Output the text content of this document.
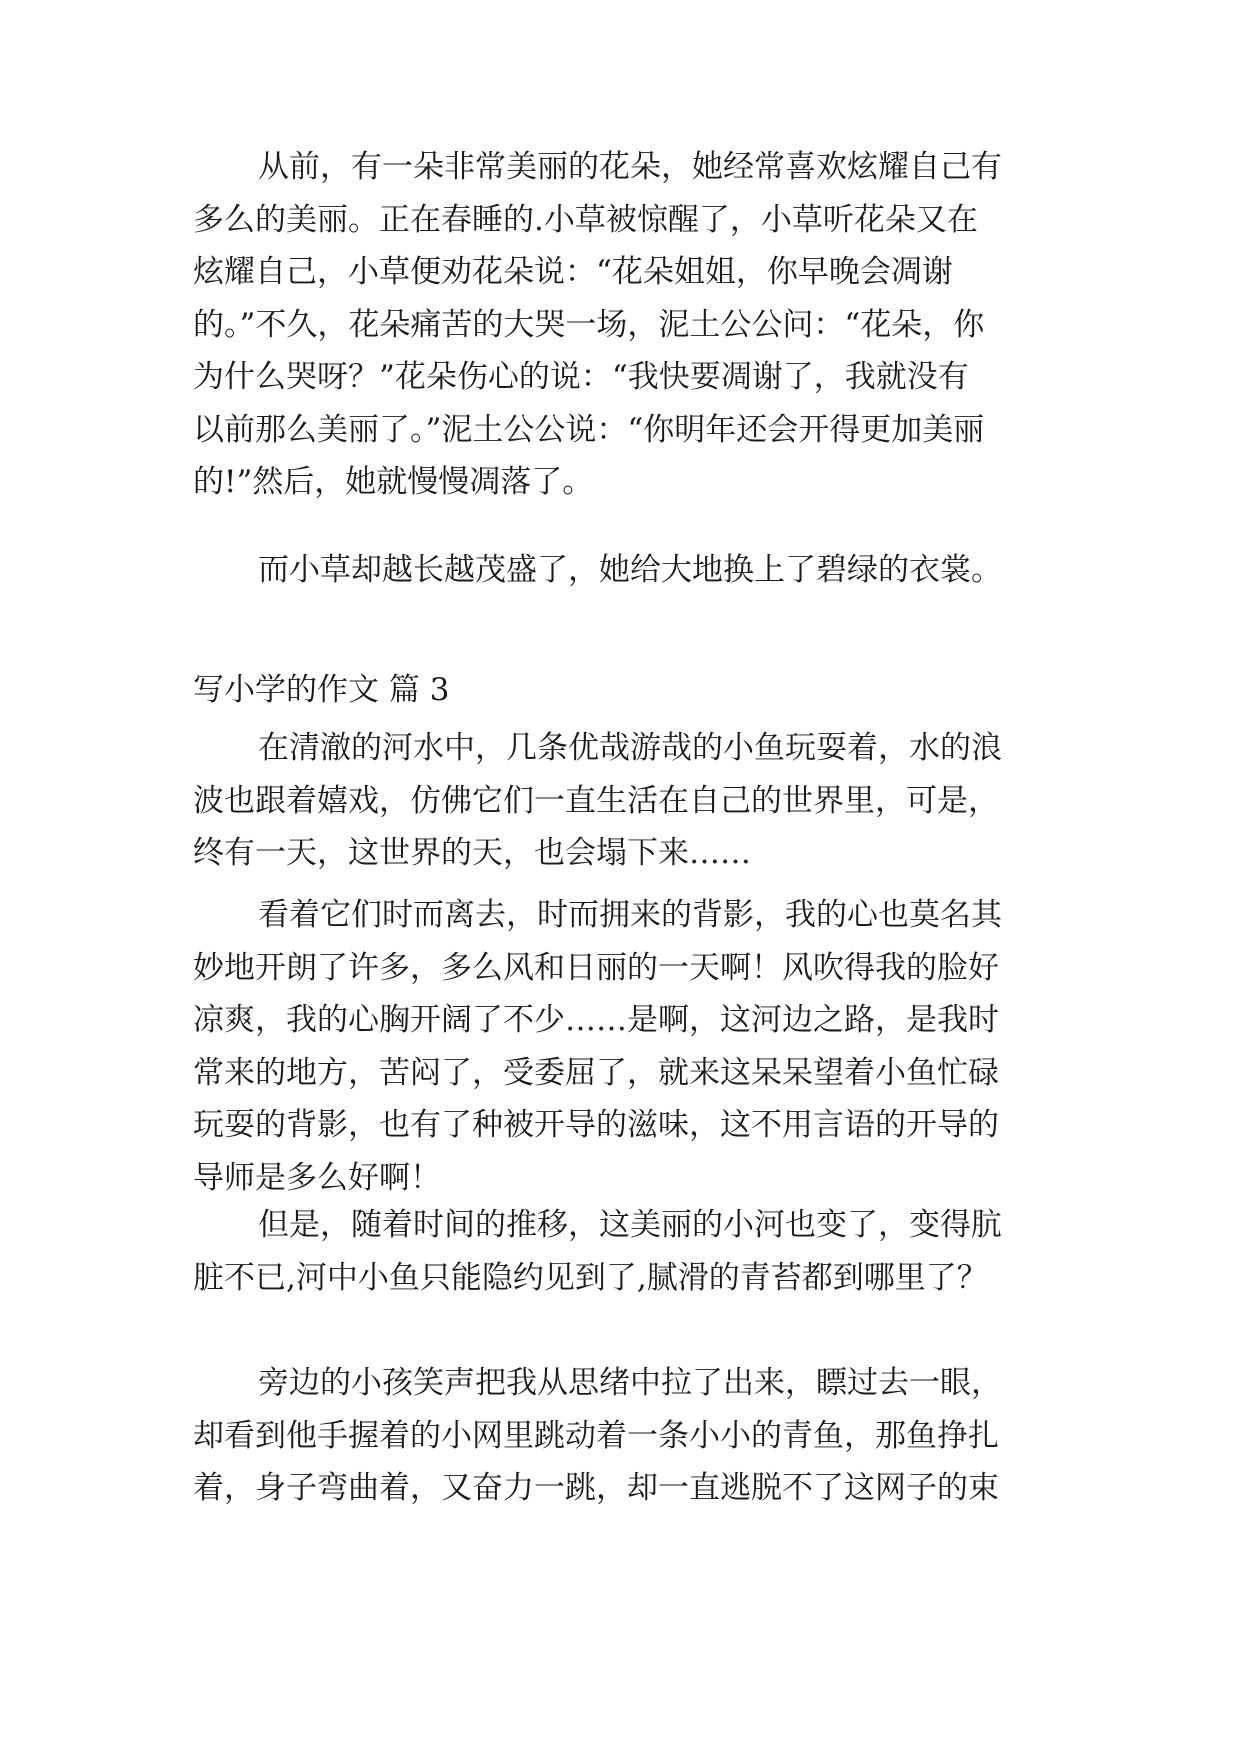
从前，有一朵非常美丽的花朵，她经常喜欢炫耀自己有
多么的美丽。正在春睡的.小草被惊醒了，小草听花朵又在
炫耀自己，小草便劝花朵说：“花朵姐姐，你早晚会凋谢
的。”不久，花朵痛苦的大哭一场，泥土公公问：“花朵，你
为什么哭呀？”花朵伤心的说：“我快要凋谢了，我就没有
以前那么美丽了。”泥土公公说：“你明年还会开得更加美丽
的!”然后，她就慢慢凋落了。
而小草却越长越茂盛了，她给大地换上了碧绿的衣裳。
写小学的作文 篇 3
在清澈的河水中，几条优哉游哉的小鱼玩耍着，水的浪
波也跟着嬉戏，仿佛它们一直生活在自己的世界里，可是，
终有一天，这世界的天，也会塌下来……
看着它们时而离去，时而拥来的背影，我的心也莫名其
妙地开朗了许多，多么风和日丽的一天啊！风吹得我的脸好
凉爽，我的心胸开阔了不少……是啊，这河边之路，是我时
常来的地方，苦闷了，受委屈了，就来这呆呆望着小鱼忙碌
玩耍的背影，也有了种被开导的滋味，这不用言语的开导的
导师是多么好啊！
但是，随着时间的推移，这美丽的小河也变了，变得肮
脏不已,河中小鱼只能隐约见到了,腻滑的青苔都到哪里了？
旁边的小孩笑声把我从思绪中拉了出来，瞟过去一眼，
却看到他手握着的小网里跳动着一条小小的青鱼，那鱼挣扎
着，身子弯曲着，又奋力一跳，却一直逃脱不了这网子的束
